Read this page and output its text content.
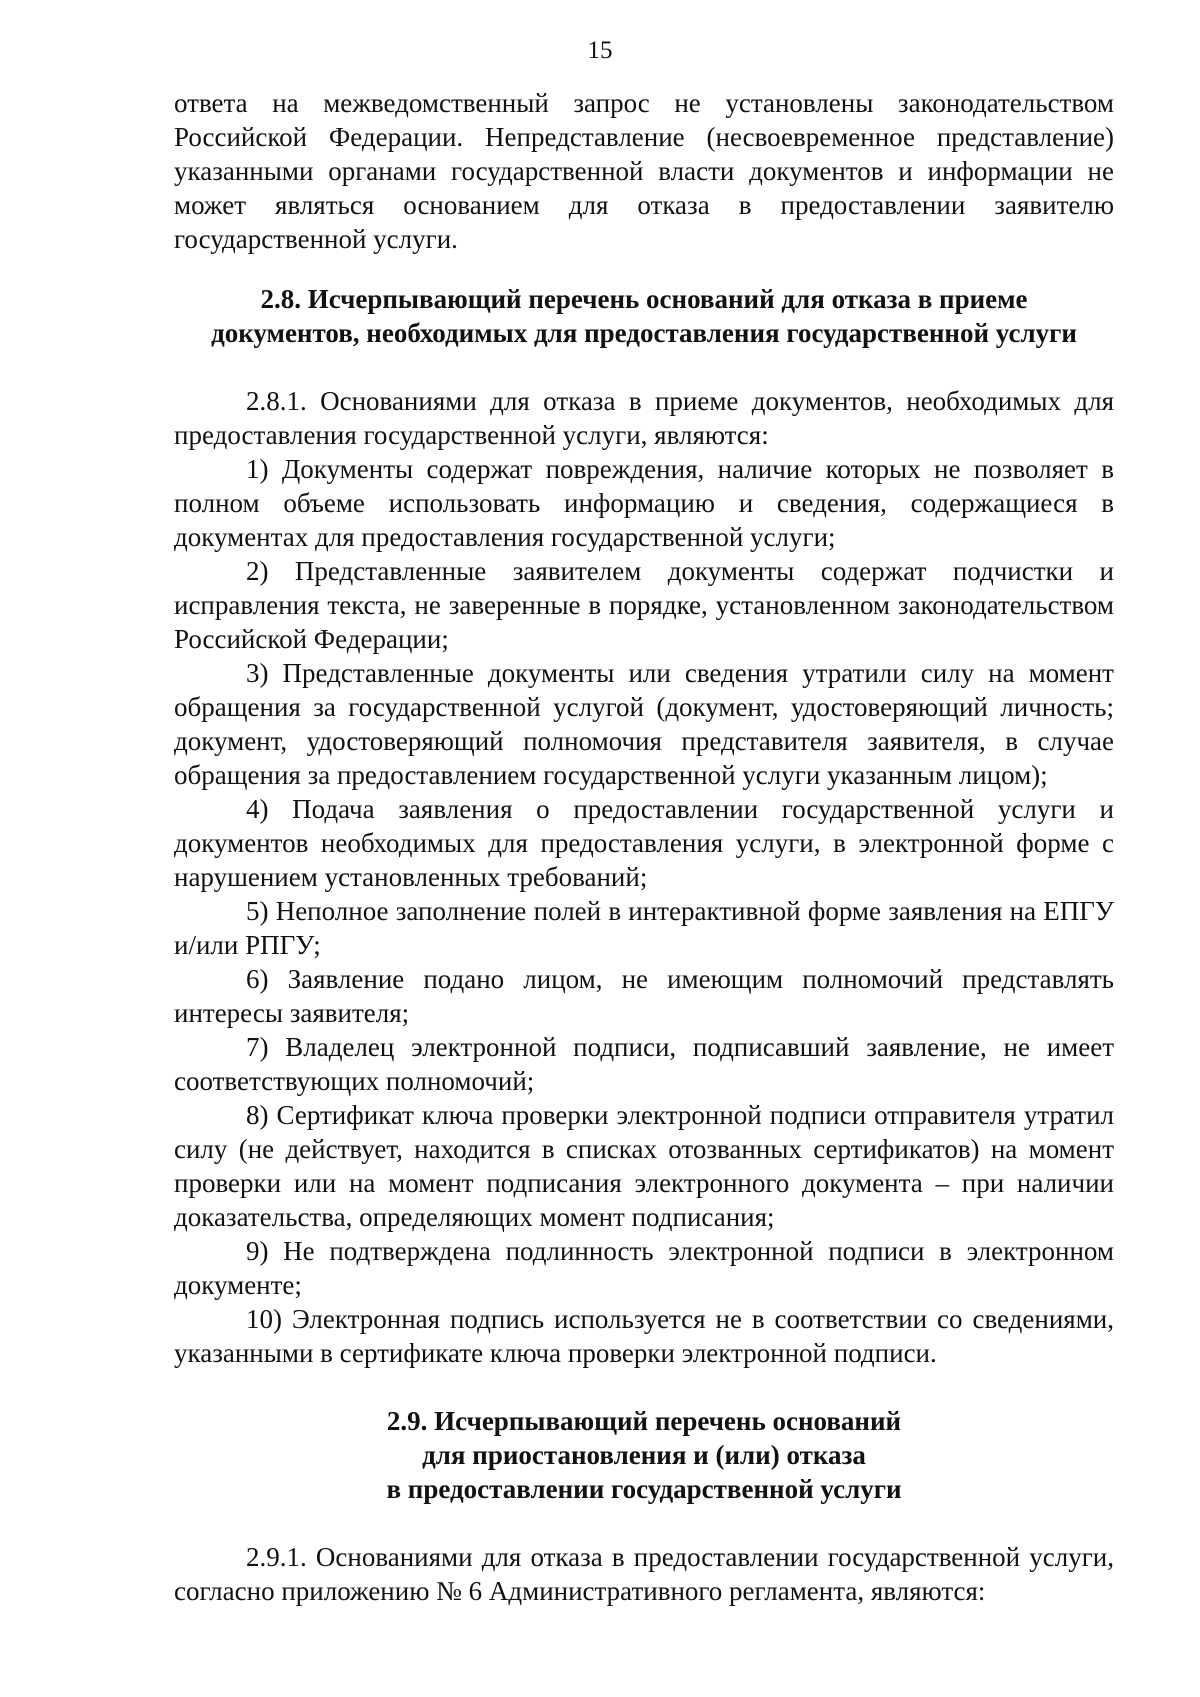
15

ответа на межведомственный запрос не установлены законодательством Российской Федерации. Непредставление (несвоевременное представление) указанными органами государственной власти документов и информации не может являться основанием для отказа в предоставлении заявителю государственной услуги.

2.8. Исчерпывающий перечень оснований для отказа в приеме

документов, необходимых для предоставления государственной услуги

2.8.1. Основаниями для отказа в приеме документов, необходимых для предоставления государственной услуги, являются:

1) Документы содержат повреждения, наличие которых не позволяет в полном объеме использовать информацию и сведения, содержащиеся в документах для предоставления государственной услуги;

2) Представленные заявителем документы содержат подчистки и исправления текста, не заверенные в порядке, установленном законодательством Российской Федерации;

3) Представленные документы или сведения утратили силу на момент обращения за государственной услугой (документ, удостоверяющий личность; документ, удостоверяющий полномочия представителя заявителя, в случае обращения за предоставлением государственной услуги указанным лицом);

4) Подача заявления о предоставлении государственной услуги и документов необходимых для предоставления услуги, в электронной форме с нарушением установленных требований;

5) Неполное заполнение полей в интерактивной форме заявления на ЕПГУ и/или РПГУ;

6) Заявление подано лицом, не имеющим полномочий представлять интересы заявителя;

7) Владелец электронной подписи, подписавший заявление, не имеет соответствующих полномочий;

8) Сертификат ключа проверки электронной подписи отправителя утратил силу (не действует, находится в списках отозванных сертификатов) на момент проверки или на момент подписания электронного документа – при наличии доказательства, определяющих момент подписания;

9) Не подтверждена подлинность электронной подписи в электронном документе;

10) Электронная подпись используется не в соответствии со сведениями, указанными в сертификате ключа проверки электронной подписи.

2.9. Исчерпывающий перечень оснований

для приостановления и (или) отказа

в предоставлении государственной услуги

2.9.1. Основаниями для отказа в предоставлении государственной услуги, согласно приложению № 6 Административного регламента, являются:
